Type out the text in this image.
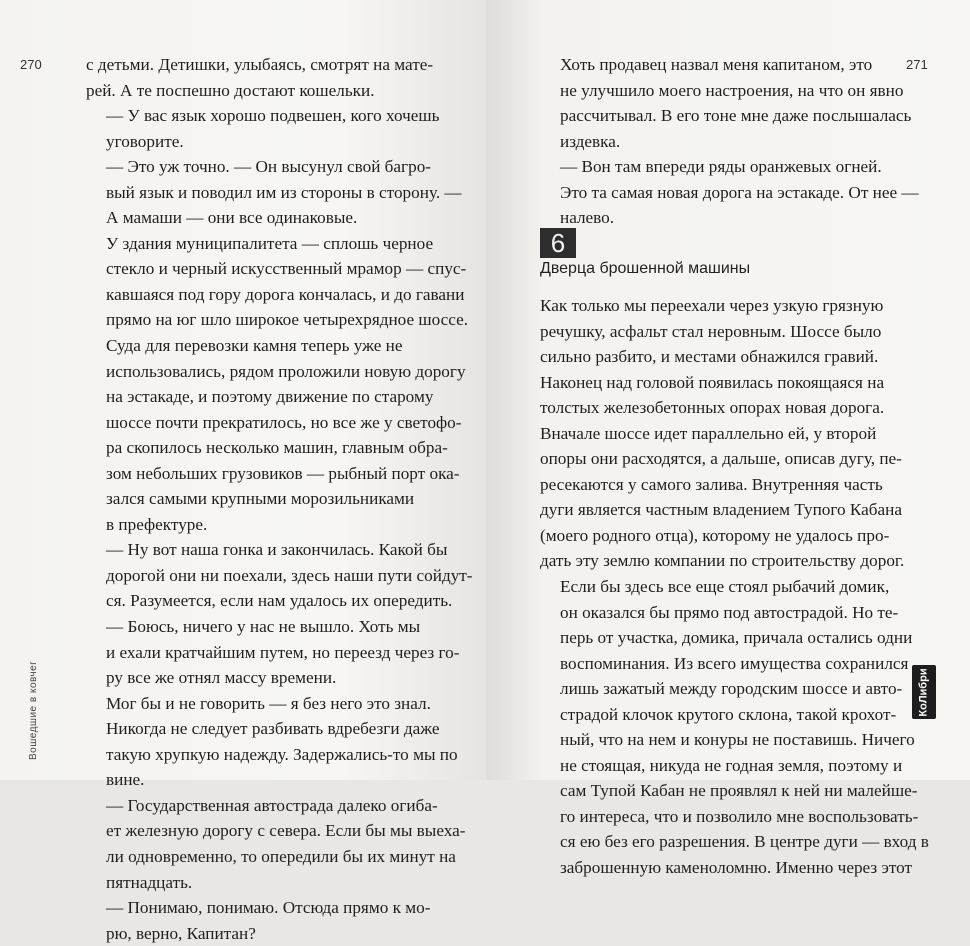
270	с детьми. Детишки, улыбаясь, смотрят на мате-
рей. А те поспешно достают кошельки.

— У вас язык хорошо подвешен, кого хочешь
уговорите.

— Это уж точно. — Он высунул свой багро-
вый язык и поводил им из стороны в сторону. —
А мамаши — они все одинаковые.

У здания муниципалитета — сплошь черное
стекло и черный искусственный мрамор — спус-
кавшаяся под гору дорога кончалась, и до гавани
прямо на юг шло широкое четырехрядное шоссе.
Суда для перевозки камня теперь уже не
использовались, рядом проложили новую дорогу
на эстакаде, и поэтому движение по старому
шоссе почти прекратилось, но все же у светофо-
ра скопилось несколько машин, главным обра-
зом небольших грузовиков — рыбный порт ока-
зался самыми крупными морозильниками
в префектуре.

— Ну вот наша гонка и закончилась. Какой бы
дорогой они ни поехали, здесь наши пути сойдут-
ся. Разумеется, если нам удалось их опередить.

— Боюсь, ничего у нас не вышло. Хоть мы
и ехали кратчайшим путем, но переезд через го-
ру все же отнял массу времени.

Мог бы и не говорить — я без него это знал.
Никогда не следует разбивать вдребезги даже
такую хрупкую надежду. Задержались-то мы по
вине.

— Государственная автострада далеко огиба-
ет железную дорогу с севера. Если бы мы выеха-
ли одновременно, то опередили бы их минут на
пятнадцать.

— Понимаю, понимаю. Отсюда прямо к мо-
рю, верно, Капитан?

Вошедшие в ковчег
271

Хоть продавец назвал меня капитаном, это
не улучшило моего настроения, на что он явно
рассчитывал. В его тоне мне даже послышалась
издевка.

— Вон там впереди ряды оранжевых огней.
Это та самая новая дорога на эстакаде. От нее —
налево.

6
Дверца брошенной машины

Как только мы переехали через узкую грязную
речушку, асфальт стал неровным. Шоссе было
сильно разбито, и местами обнажился гравий.
Наконец над головой появилась покоящаяся на
толстых железобетонных опорах новая дорога.
Вначале шоссе идет параллельно ей, у второй
опоры они расходятся, а дальше, описав дугу, пе-
ресекаются у самого залива. Внутренняя часть
дуги является частным владением Тупого Кабана
(моего родного отца), которому не удалось про-
дать эту землю компании по строительству дорог.

Если бы здесь все еще стоял рыбачий домик,
он оказался бы прямо под автострадой. Но те-
перь от участка, домика, причала остались одни
воспоминания. Из всего имущества сохранился
лишь зажатый между городским шоссе и авто-
страдой клочок крутого склона, такой крохот-
ный, что на нем и конуры не поставишь. Ничего
не стоящая, никуда не годная земля, поэтому и
сам Тупой Кабан не проявлял к ней ни малейше-
го интереса, что и позволило мне воспользовать-
ся ею без его разрешения. В центре дуги — вход в
заброшенную каменоломню. Именно через этот

КоЛибри
